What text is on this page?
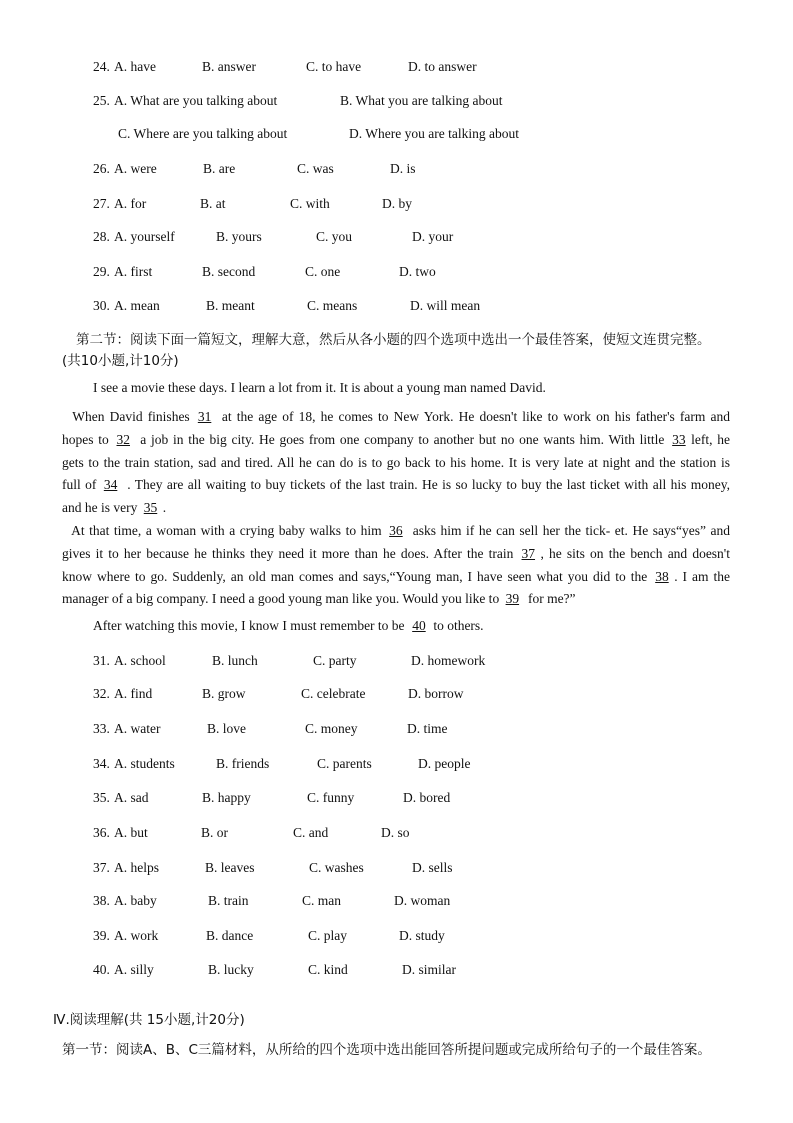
24. A. have	B. answer	C. to have	D. to answer
25. A. What are you talking about	B. What you are talking about
C. Where are you talking about	D. Where you are talking about
26. A. were	B. are	C. was	D. is
27. A. for	B. at	C. with	D. by
28. A. yourself	B. yours	C. you	D. your
29. A. first	B. second	C. one	D. two
30. A. mean	B. meant	C. means	D. will mean
第二节：阅读下面一篇短文，理解大意，然后从各小题的四个选项中选出一个最佳答案，使短文连贯完整。
(共10小题,计10分)
I see a movie these days. I learn a lot from it. It is about a young man named David.
When David finishes 31 at the age of 18, he comes to New York. He doesn't like to work on his father's farm and
hopes to 32 a job in the big city. He goes from one company to another but no one wants him. With little 33 left, he
gets to the train station, sad and tired. All he can do is to go back to his home. It is very late at night and the station is
full of 34 . They are all waiting to buy tickets of the last train. He is so lucky to buy the last ticket with all his money,
and he is very 35 .
At that time, a woman with a crying baby walks to him 36 asks him if he can sell her the tick- et. He says“yes” and
gives it to her because he thinks they need it more than he does. After the train 37 , he sits on the bench and doesn't
know where to go. Suddenly, an old man comes and says,“Young man, I have seen what you did to the 38 . I am the
manager of a big company. I need a good young man like you. Would you like to 39 for me?”
After watching this movie, I know I must remember to be 40 to others.
31. A. school	B. lunch	C. party	D. homework
32. A. find	B. grow	C. celebrate	D. borrow
33. A. water	B. love	C. money	D. time
34. A. students	B. friends	C. parents	D. people
35. A. sad	B. happy	C. funny	D. bored
36. A. but	B. or	C. and	D. so
37. A. helps	B. leaves	C. washes	D. sells
38. A. baby	B. train	C. man	D. woman
39. A. work	B. dance	C. play	D. study
40. A. silly	B. lucky	C. kind	D. similar
Ⅳ.阅读理解(共 15小题,计20分)
第一节：阅读A、B、C三篇材料，从所给的四个选项中选出能回答所提问题或完成所给句子的一个最佳答案。
